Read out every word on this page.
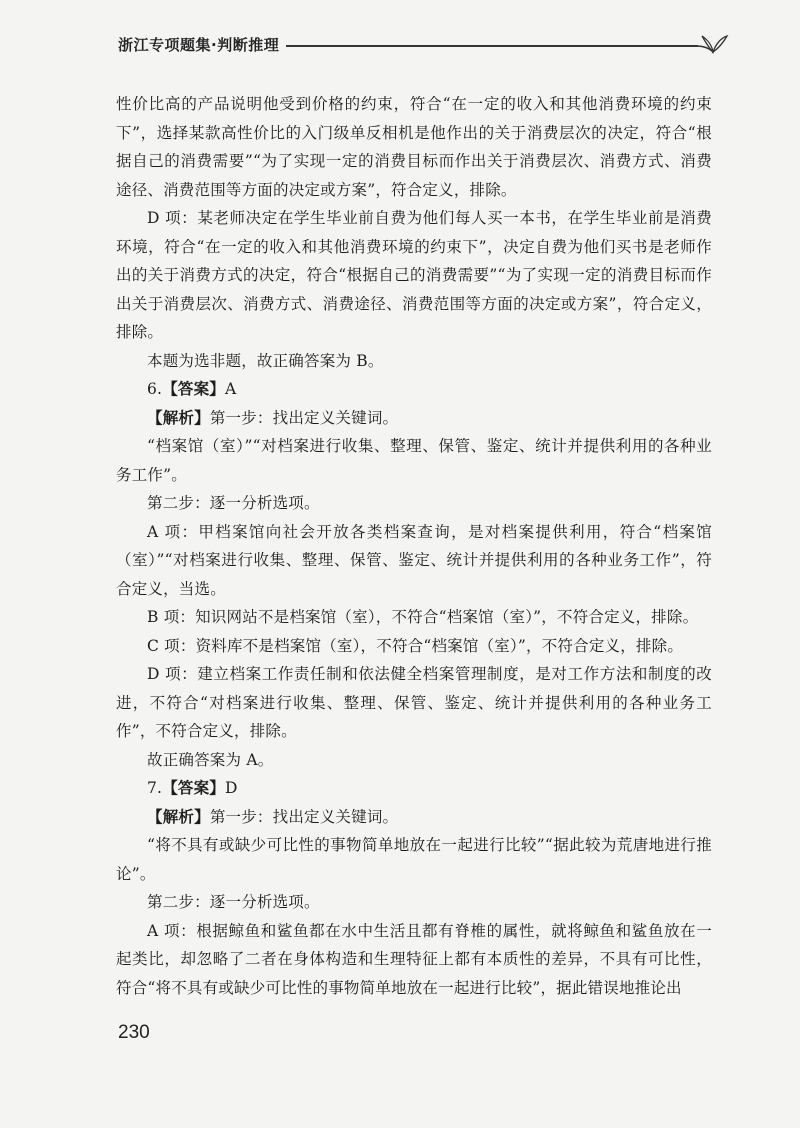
浙江专项题集·判断推理

性价比高的产品说明他受到价格的约束，符合“在一定的收入和其他消费环境的约束下”，选择某款高性价比的入门级单反相机是他作出的关于消费层次的决定，符合“根据自己的消费需要”“为了实现一定的消费目标而作出关于消费层次、消费方式、消费途径、消费范围等方面的决定或方案”，符合定义，排除。

D 项：某老师决定在学生毕业前自费为他们每人买一本书，在学生毕业前是消费环境，符合“在一定的收入和其他消费环境的约束下”，决定自费为他们买书是老师作出的关于消费方式的决定，符合“根据自己的消费需要”“为了实现一定的消费目标而作出关于消费层次、消费方式、消费途径、消费范围等方面的决定或方案”，符合定义，排除。

本题为选非题，故正确答案为 B。

6.【答案】A

【解析】第一步：找出定义关键词。

“档案馆（室）”“对档案进行收集、整理、保管、鉴定、统计并提供利用的各种业务工作”。

第二步：逐一分析选项。

A 项：甲档案馆向社会开放各类档案查询，是对档案提供利用，符合“档案馆（室）”“对档案进行收集、整理、保管、鉴定、统计并提供利用的各种业务工作”，符合定义，当选。

B 项：知识网站不是档案馆（室），不符合“档案馆（室）”，不符合定义，排除。

C 项：资料库不是档案馆（室），不符合“档案馆（室）”，不符合定义，排除。

D 项：建立档案工作责任制和依法健全档案管理制度，是对工作方法和制度的改进，不符合“对档案进行收集、整理、保管、鉴定、统计并提供利用的各种业务工作”，不符合定义，排除。

故正确答案为 A。

7.【答案】D

【解析】第一步：找出定义关键词。

“将不具有或缺少可比性的事物简单地放在一起进行比较”“据此较为荒唐地进行推论”。

第二步：逐一分析选项。

A 项：根据鲸鱼和鲨鱼都在水中生活且都有脊椎的属性，就将鲸鱼和鲨鱼放在一起类比，却忽略了二者在身体构造和生理特征上都有本质性的差异，不具有可比性，符合“将不具有或缺少可比性的事物简单地放在一起进行比较”，据此错误地推论出

230
